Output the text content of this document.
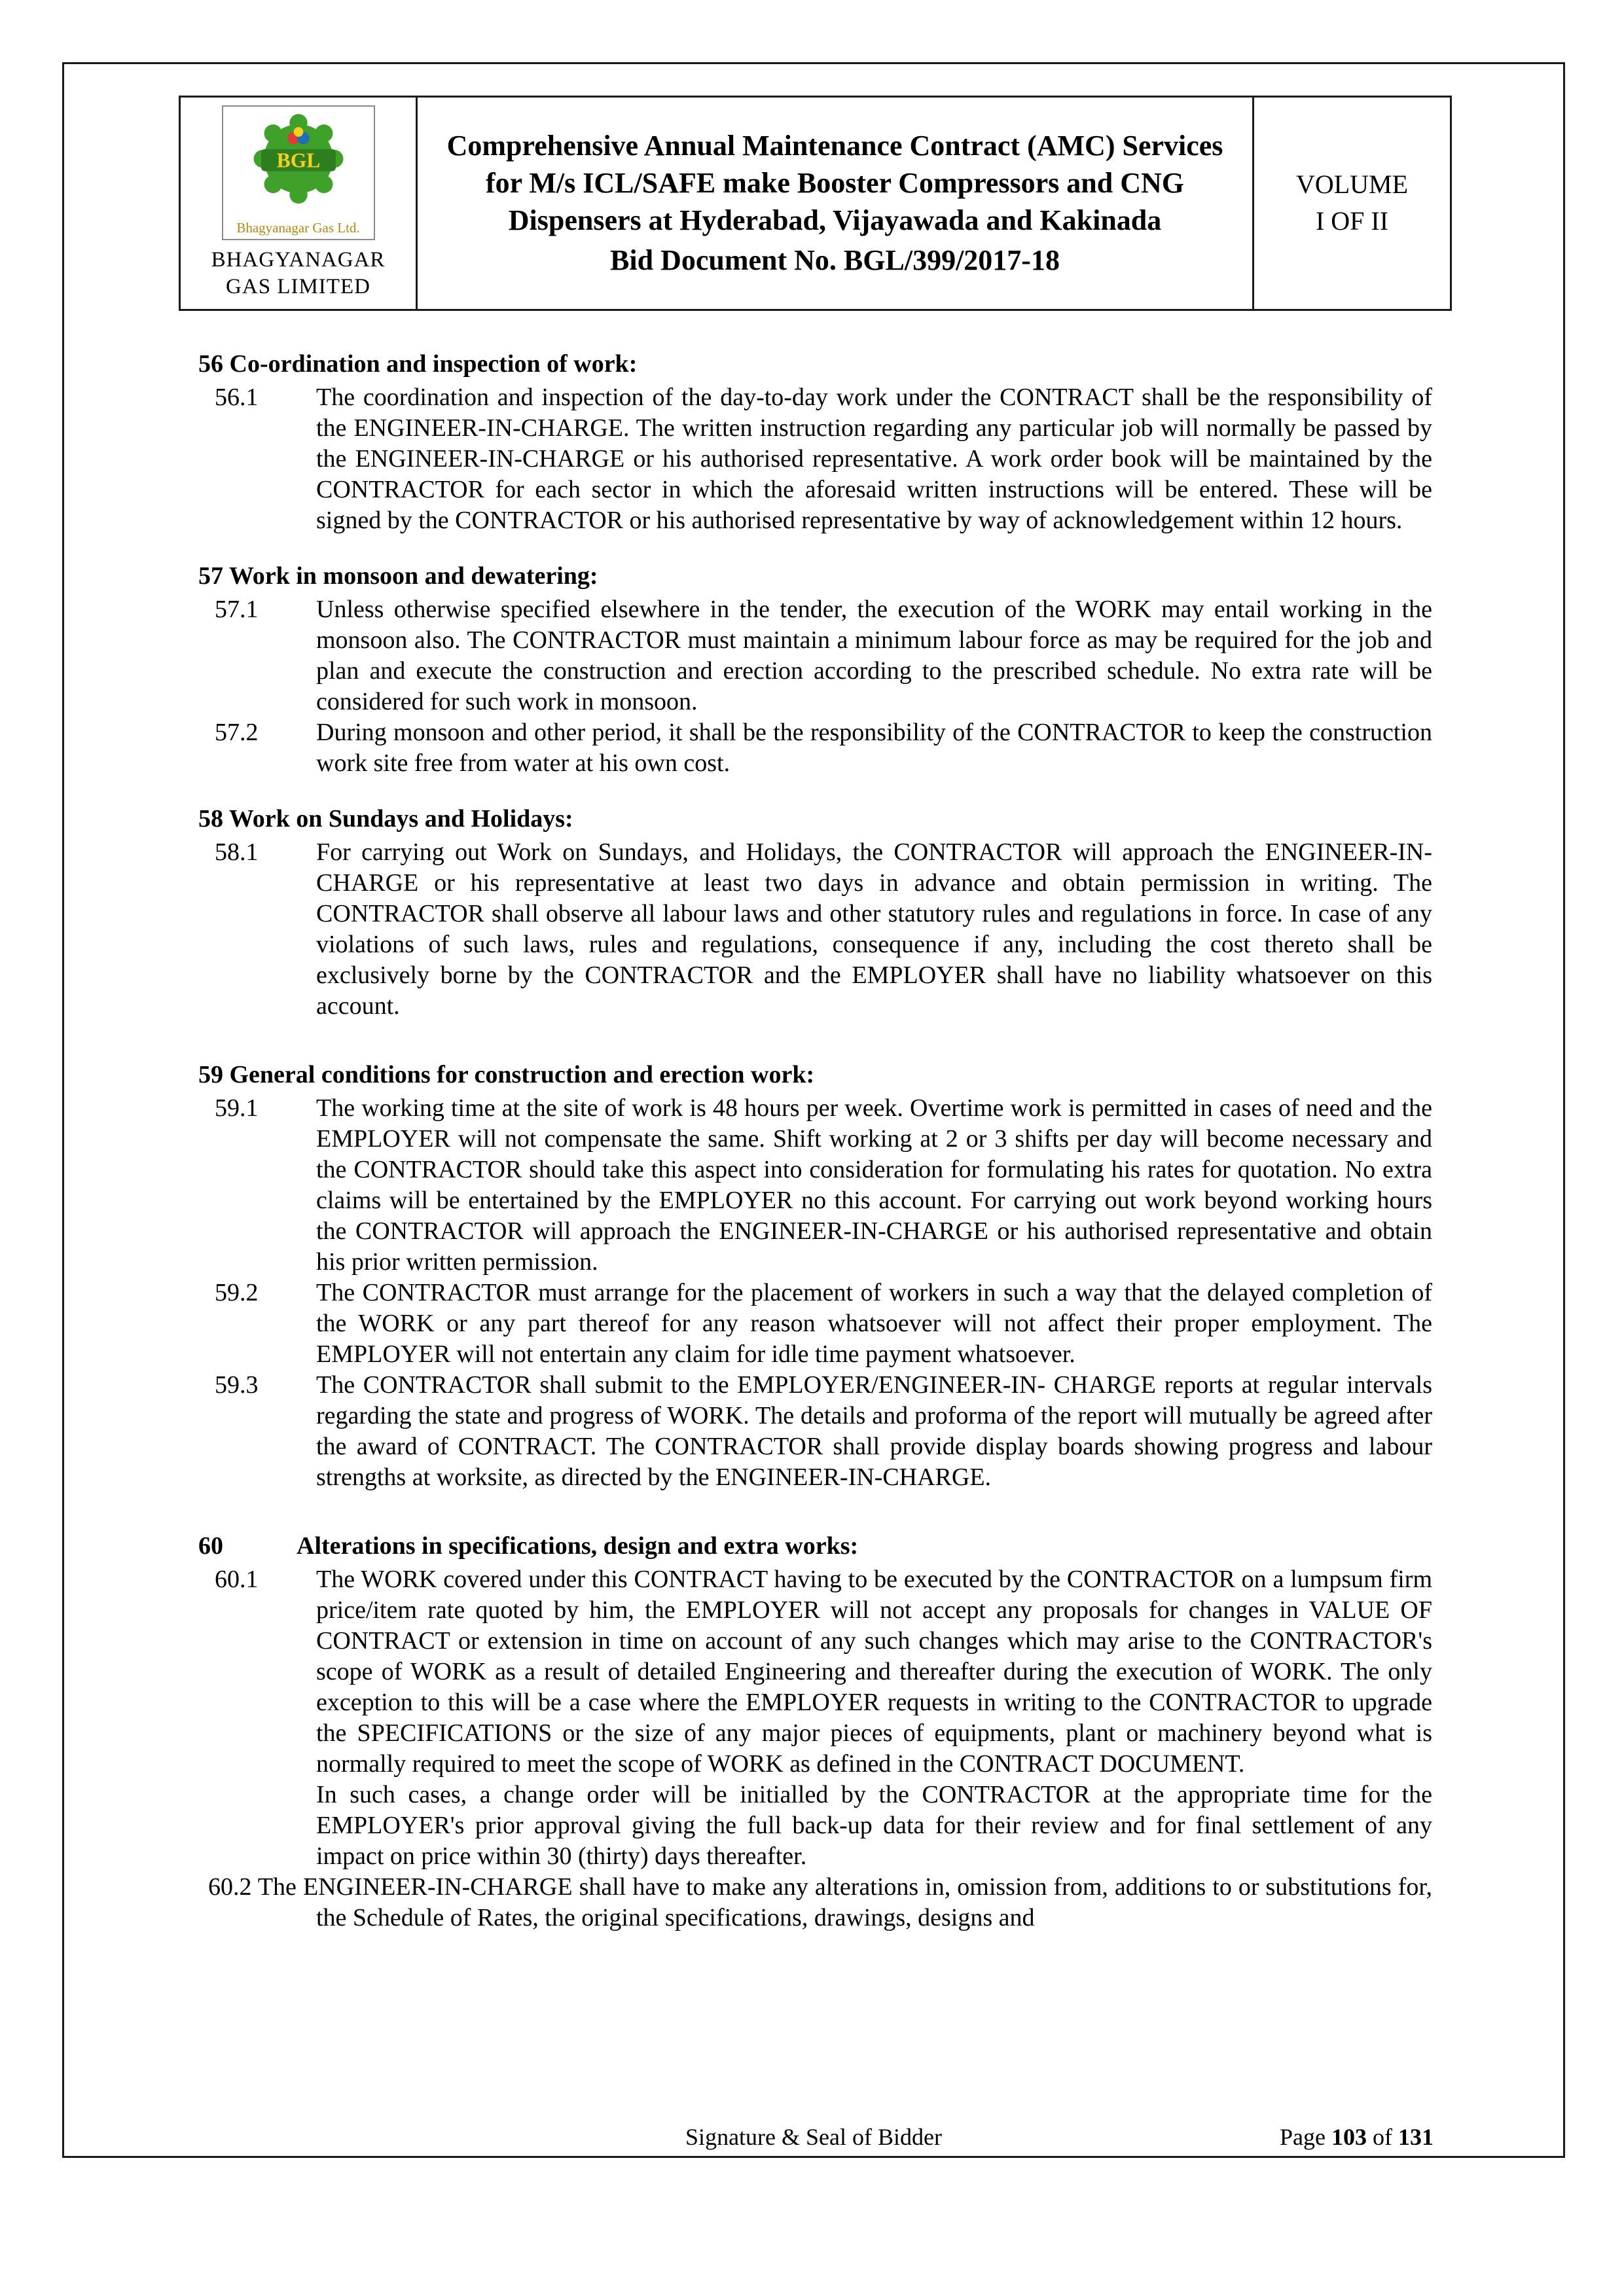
BGL
Bhagyanagar Gas Ltd.
BHAGYANAGAR
GAS LIMITED

Comprehensive Annual Maintenance Contract (AMC) Services for M/s ICL/SAFE make Booster Compressors and CNG Dispensers at Hyderabad, Vijayawada and Kakinada
Bid Document No. BGL/399/2017-18

VOLUME
I OF II
56 Co-ordination and inspection of work:
56.1	The coordination and inspection of the day-to-day work under the CONTRACT shall be the responsibility of the ENGINEER-IN-CHARGE. The written instruction regarding any particular job will normally be passed by the ENGINEER-IN-CHARGE or his authorised representative. A work order book will be maintained by the CONTRACTOR for each sector in which the aforesaid written instructions will be entered. These will be signed by the CONTRACTOR or his authorised representative by way of acknowledgement within 12 hours.

57 Work in monsoon and dewatering:
57.1	Unless otherwise specified elsewhere in the tender, the execution of the WORK may entail working in the monsoon also. The CONTRACTOR must maintain a minimum labour force as may be required for the job and plan and execute the construction and erection according to the prescribed schedule. No extra rate will be considered for such work in monsoon.

57.2	During monsoon and other period, it shall be the responsibility of the CONTRACTOR to keep the construction work site free from water at his own cost.

58 Work on Sundays and Holidays:
58.1	For carrying out Work on Sundays, and Holidays, the CONTRACTOR will approach the ENGINEER-IN-CHARGE or his representative at least two days in advance and obtain permission in writing. The CONTRACTOR shall observe all labour laws and other statutory rules and regulations in force. In case of any violations of such laws, rules and regulations, consequence if any, including the cost thereto shall be exclusively borne by the CONTRACTOR and the EMPLOYER shall have no liability whatsoever on this account.

59 General conditions for construction and erection work:
59.1	The working time at the site of work is 48 hours per week. Overtime work is permitted in cases of need and the EMPLOYER will not compensate the same. Shift working at 2 or 3 shifts per day will become necessary and the CONTRACTOR should take this aspect into consideration for formulating his rates for quotation. No extra claims will be entertained by the EMPLOYER no this account. For carrying out work beyond working hours the CONTRACTOR will approach the ENGINEER-IN-CHARGE or his authorised representative and obtain his prior written permission.

59.2	The CONTRACTOR must arrange for the placement of workers in such a way that the delayed completion of the WORK or any part thereof for any reason whatsoever will not affect their proper employment. The EMPLOYER will not entertain any claim for idle time payment whatsoever.

59.3	The CONTRACTOR shall submit to the EMPLOYER/ENGINEER-IN- CHARGE reports at regular intervals regarding the state and progress of WORK. The details and proforma of the report will mutually be agreed after the award of CONTRACT. The CONTRACTOR shall provide display boards showing progress and labour strengths at worksite, as directed by the ENGINEER-IN-CHARGE.

60	Alterations in specifications, design and extra works:
60.1	The WORK covered under this CONTRACT having to be executed by the CONTRACTOR on a lumpsum firm price/item rate quoted by him, the EMPLOYER will not accept any proposals for changes in VALUE OF CONTRACT or extension in time on account of any such changes which may arise to the CONTRACTOR's scope of WORK as a result of detailed Engineering and thereafter during the execution of WORK. The only exception to this will be a case where the EMPLOYER requests in writing to the CONTRACTOR to upgrade the SPECIFICATIONS or the size of any major pieces of equipments, plant or machinery beyond what is normally required to meet the scope of WORK as defined in the CONTRACT DOCUMENT.

In such cases, a change order will be initialled by the CONTRACTOR at the appropriate time for the EMPLOYER's prior approval giving the full back-up data for their review and for final settlement of any impact on price within 30 (thirty) days thereafter.

60.2 The ENGINEER-IN-CHARGE shall have to make any alterations in, omission from, additions to or substitutions for, the Schedule of Rates, the original specifications, drawings, designs and

Signature & Seal of Bidder	Page 103 of 131
